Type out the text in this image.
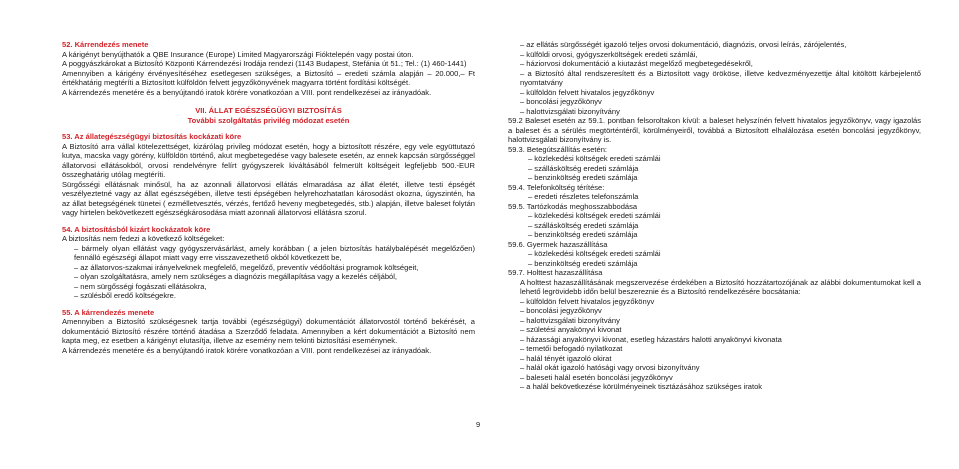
52. Kárrendezés menete

A kárigényt benyújthatók a QBE Insurance (Europe) Limited Magyarországi Fióktelepén vagy postai úton.

A poggyászkárokat a Biztosító Központi Kárrendezési Irodája rendezi (1143 Budapest, Stefánia út 51.; Tel.: (1) 460-1441)

Amennyiben a kárigény érvényesítéséhez esetlegesen szükséges, a Biztosító – eredeti számla alapján – 20.000,– Ft értékhatárig megtéríti a Biztosított külföldön felvett jegyzőkönyvének magyarra történt fordítási költségét.

A kárrendezés menetére és a benyújtandó iratok körére vonatkozóan a VIII. pont rendelkezései az irányadóak.

VII. ÁLLAT EGÉSZSÉGÜGYI BIZTOSÍTÁS

További szolgáltatás privilég módozat esetén

53. Az állategészségügyi biztosítás kockázati köre

A Biztosító arra vállal kötelezettséget, kizárólag privileg módozat esetén, hogy a biztosított részére, egy vele együttutazó kutya, macska vagy görény, külföldön történő, akut megbetegedése vagy balesete esetén, az ennek kapcsán sürgősséggel állatorvosi ellátásokból, orvosi rendelvényre felírt gyógyszerek kiváltásából felmerült költségeit legfeljebb 500.-EUR összeghatárig utólag megtéríti.

Sürgősségi ellátásnak minősül, ha az azonnali állatorvosi ellátás elmaradása az állat életét, illetve testi épségét veszélyeztetné vagy az állat egészségében, illetve testi épségében helyrehozhatatlan károsodást okozna, úgyszintén, ha az állat betegségének tünetei ( ezmélletvesztés, vérzés, fertőző heveny megbetegedés, stb.) alapján, illetve baleset folytán vagy hirtelen bekövetkezett egészségkárosodása miatt azonnali állatorvosi ellátásra szorul.

54. A biztosításból kizárt kockázatok köre

A biztosítás nem fedezi a következő költségeket:

– bármely olyan ellátást vagy gyógyszervásárlást, amely korábban ( a jelen biztosítás hatálybalépését megelőzően) fennálló egészségi állapot miatt vagy erre visszavezethető okból következett be,

– az állatorvos-szakmai irányelveknek megfelelő, megelőző, preventív védőoltási programok költségeit,

– olyan szolgáltatásra, amely nem szükséges a diagnózis megállapítása vagy a kezelés céljából,

– nem sürgősségi fogászati ellátásokra,

– szülésből eredő költségekre.

55. A kárrendezés menete

Amennyiben a Biztosító szükségesnek tartja további (egészségügyi) dokumentációt állatorvostól történő bekérését, a dokumentáció Biztosító részére történő átadása a Szerződő feladata. Amennyiben a kért dokumentációt a Biztosító nem kapta meg, ez esetben a kárigényt elutasítja, illetve az esemény nem tekinti biztosítási eseménynek.

A kárrendezés menetére és a benyújtandó iratok körére vonatkozóan a VIII. pont rendelkezései az irányadóak.

– az ellátás sürgősségét igazoló teljes orvosi dokumentáció, diagnózis, orvosi leírás, zárójelentés,

– külföldi orvosi, gyógyszerköltségek eredeti számlái,

– háziorvosi dokumentáció a kiutazást megelőző megbetegedésekről,

– a Biztosító által rendszeresített és a Biztosított vagy örököse, illetve kedvezményezettje által kitöltött kárbejelentő nyomtatvány

– külföldön felvett hivatalos jegyzőkönyv

– boncolási jegyzőkönyv

– halottvizsgálati bizonyítvány

59.2 Baleset esetén az 59.1. pontban felsoroltakon kívül: a baleset helyszínén felvett hivatalos jegyzőkönyv, vagy igazolás a baleset és a sérülés megtörténtéről, körülményeiről, továbbá a Biztosított elhalálozása esetén boncolási jegyzőkönyv, halottvizsgálati bizonyítvány is.

59.3. Betegútszállítás esetén:

– közlekedési költségek eredeti számlái

– szállásköltség eredeti számlája

– benzinköltség eredeti számlája

59.4. Telefonköltség térítése:

– eredeti részletes telefonszámla

59.5. Tartózkodás meghosszabbodása

– közlekedési költségek eredeti számlái

– szállásköltség eredeti számlája

– benzinköltség eredeti számlája

59.6. Gyermek hazaszállítása

– közlekedési költségek eredeti számlái

– benzinköltség eredeti számlája

59.7. Holttest hazaszállítása

A holttest hazaszállításának megszervezése érdekében a Biztosító hozzátartozójának az alábbi dokumentumokat kell a lehető legrövidebb időn belül beszereznie és a Biztosító rendelkezésére bocsátania:

– külföldön felvett hivatalos jegyzőkönyv

– boncolási jegyzőkönyv

– halottvizsgálati bizonyítvány

– születési anyakönyvi kivonat

– házassági anyakönyvi kivonat, esetleg házastárs halotti anyakönyvi kivonata

– temetői befogadó nyilatkozat

– halál tényét igazoló okirat

– halál okát igazoló hatósági vagy orvosi bizonyítvány

– baleseti halál esetén boncolási jegyzőkönyv

– a halál bekövetkezése körülményeinek tisztázásához szükséges iratok

9
